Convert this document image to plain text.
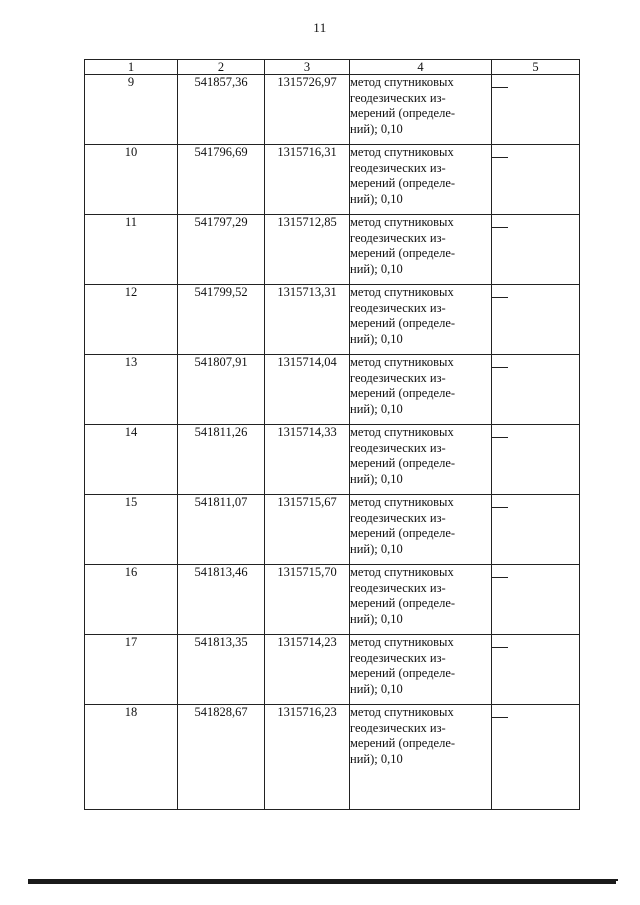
11
1	2	3	4	5
9	541857,36	1315726,97	метод спутниковых
геодезических из-
мерений (определе-
ний); 0,10	

10	541796,69	1315716,31	метод спутниковых
геодезических из-
мерений (определе-
ний); 0,10	

11	541797,29	1315712,85	метод спутниковых
геодезических из-
мерений (определе-
ний); 0,10	

12	541799,52	1315713,31	метод спутниковых
геодезических из-
мерений (определе-
ний); 0,10	

13	541807,91	1315714,04	метод спутниковых
геодезических из-
мерений (определе-
ний); 0,10	

14	541811,26	1315714,33	метод спутниковых
геодезических из-
мерений (определе-
ний); 0,10	

15	541811,07	1315715,67	метод спутниковых
геодезических из-
мерений (определе-
ний); 0,10	

16	541813,46	1315715,70	метод спутниковых
геодезических из-
мерений (определе-
ний); 0,10	

17	541813,35	1315714,23	метод спутниковых
геодезических из-
мерений (определе-
ний); 0,10	

18	541828,67	1315716,23	метод спутниковых
геодезических из-
мерений (определе-
ний); 0,10	
